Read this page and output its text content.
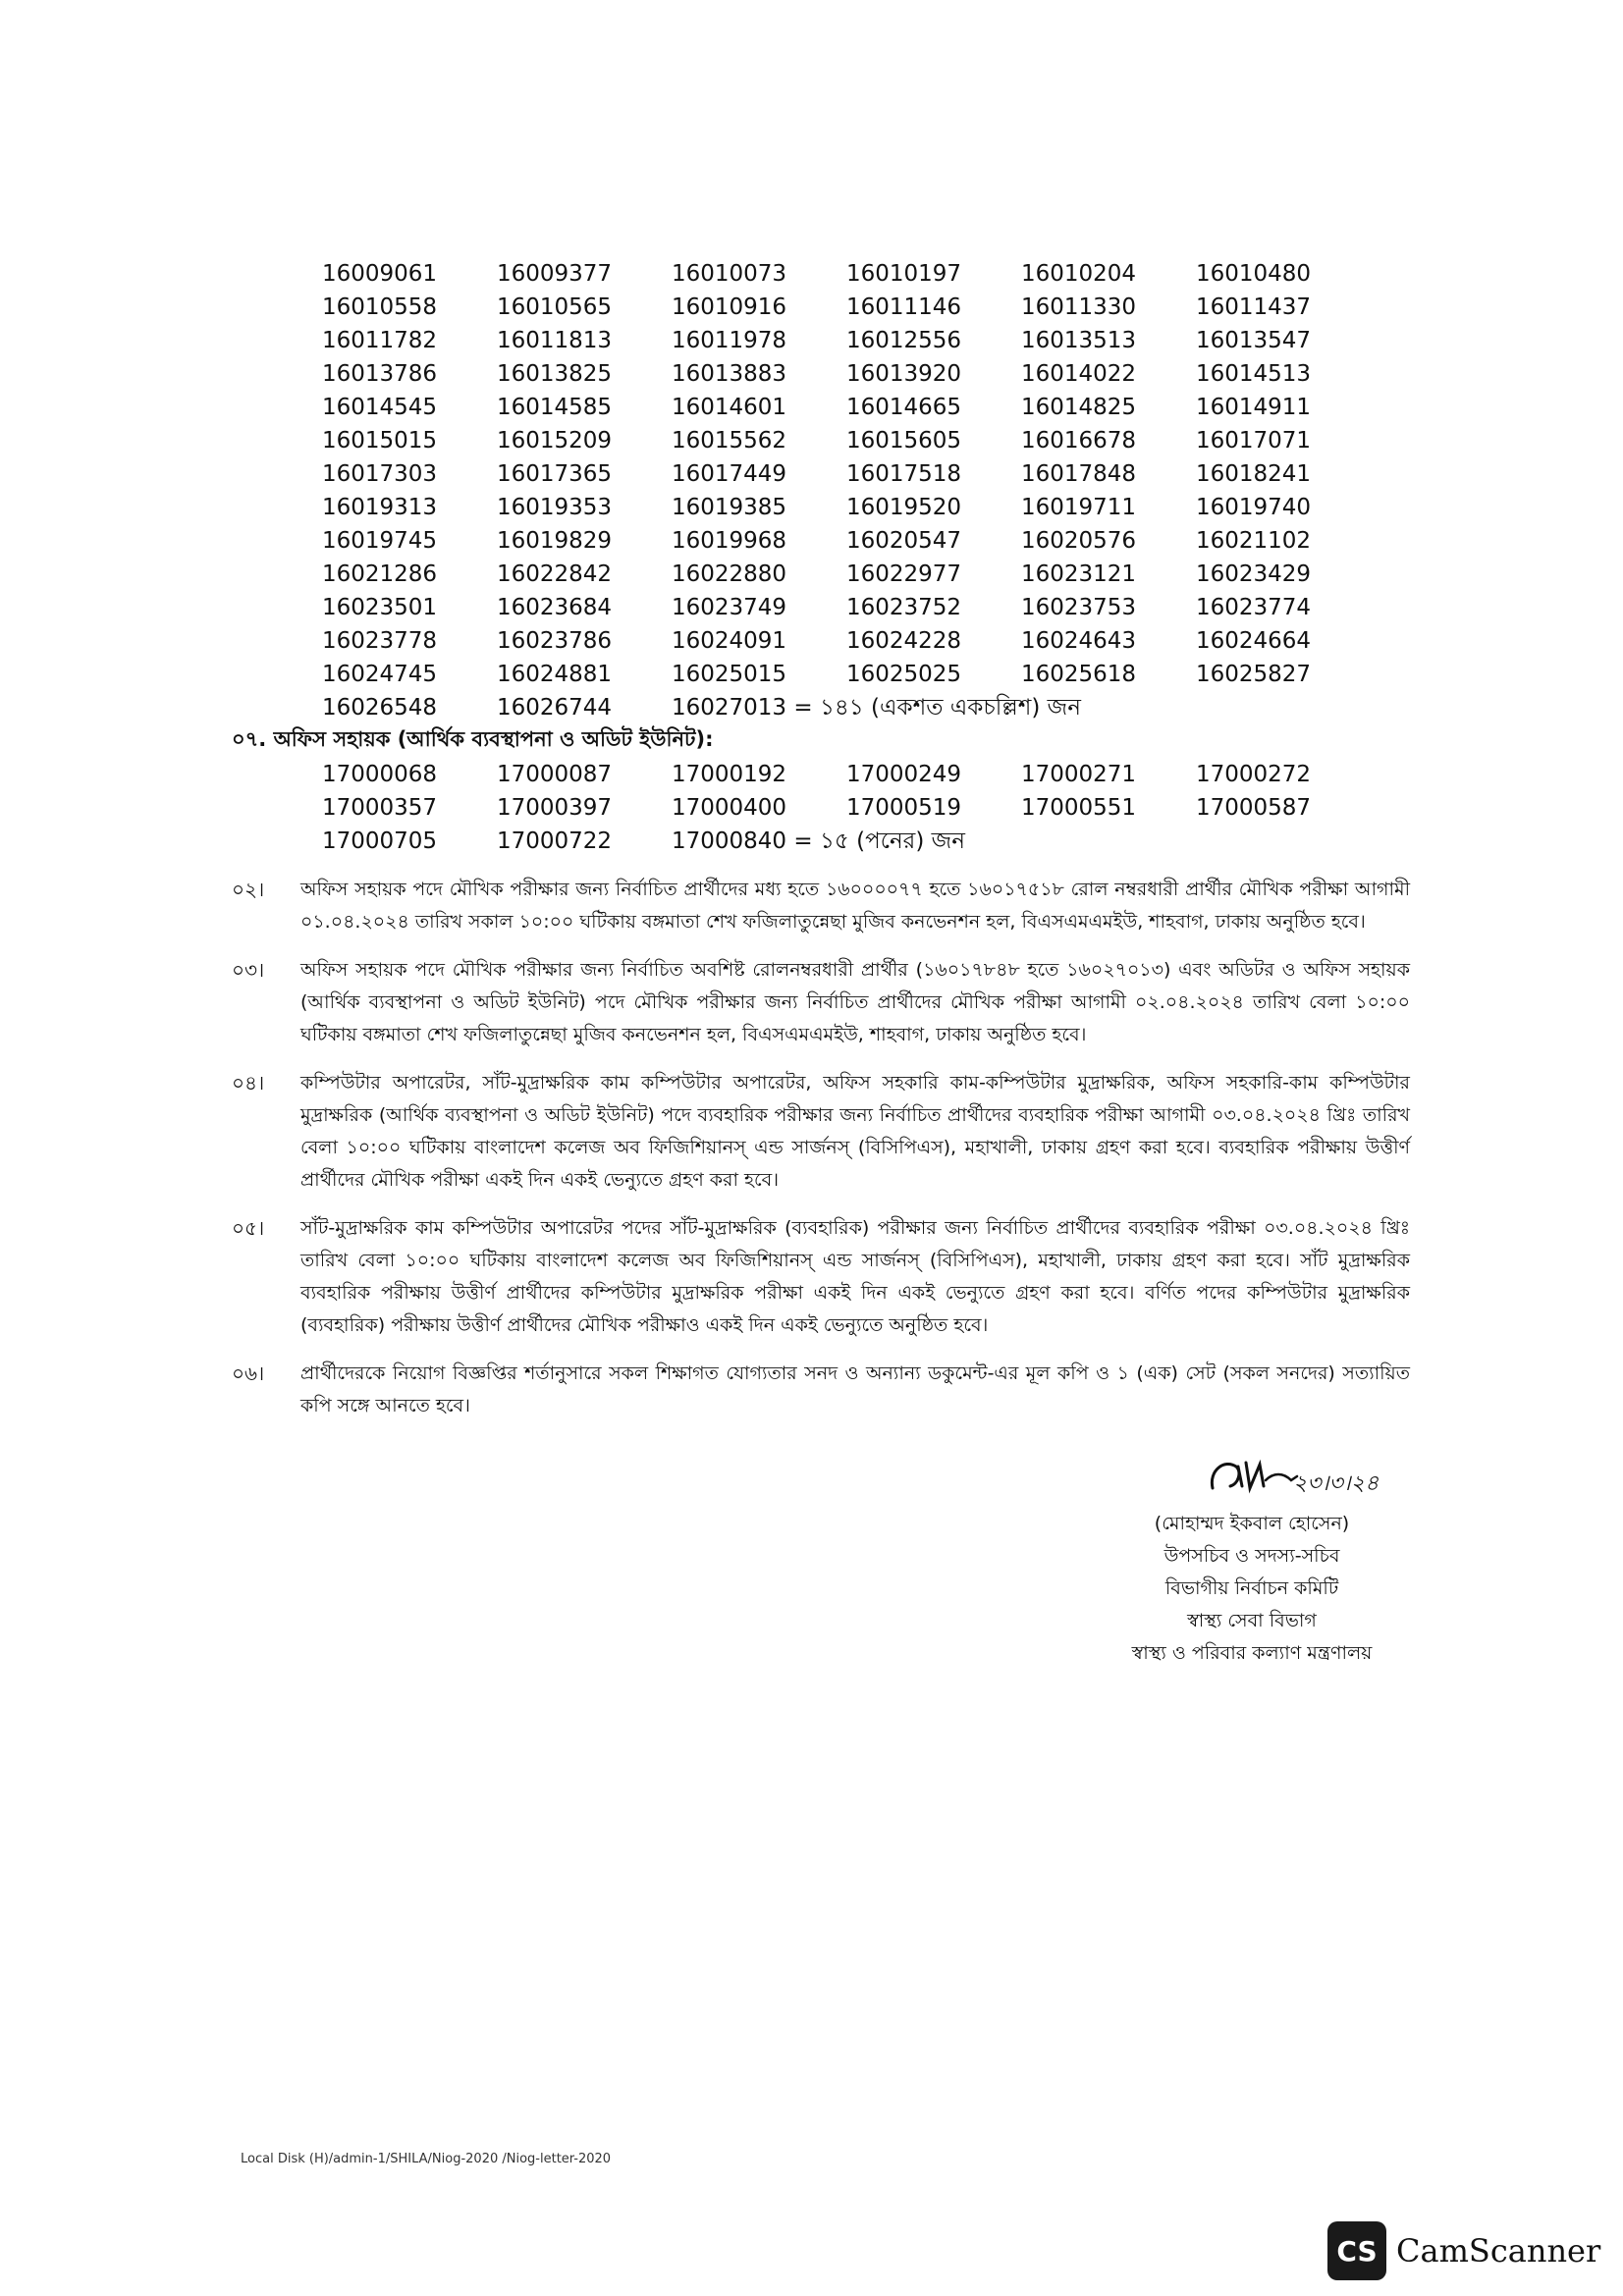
16009061	16009377	16010073	16010197	16010204	16010480
16010558	16010565	16010916	16011146	16011330	16011437
16011782	16011813	16011978	16012556	16013513	16013547
16013786	16013825	16013883	16013920	16014022	16014513
16014545	16014585	16014601	16014665	16014825	16014911
16015015	16015209	16015562	16015605	16016678	16017071
16017303	16017365	16017449	16017518	16017848	16018241
16019313	16019353	16019385	16019520	16019711	16019740
16019745	16019829	16019968	16020547	16020576	16021102
16021286	16022842	16022880	16022977	16023121	16023429
16023501	16023684	16023749	16023752	16023753	16023774
16023778	16023786	16024091	16024228	16024643	16024664
16024745	16024881	16025015	16025025	16025618	16025827
16026548	16026744	16027013 = ১৪১ (একশত একচল্লিশ) জন
০৭. অফিস সহায়ক (আর্থিক ব্যবস্থাপনা ও অডিট ইউনিট):
17000068	17000087	17000192	17000249	17000271	17000272
17000357	17000397	17000400	17000519	17000551	17000587
17000705	17000722	17000840 = ১৫ (পনের) জন
০২।	অফিস সহায়ক পদে মৌখিক পরীক্ষার জন্য নির্বাচিত প্রার্থীদের মধ্য হতে ১৬০০০০৭৭ হতে ১৬০১৭৫১৮ রোল নম্বরধারী প্রার্থীর মৌখিক পরীক্ষা আগামী ০১.০৪.২০২৪ তারিখ সকাল ১০:০০ ঘটিকায় বঙ্গমাতা শেখ ফজিলাতুন্নেছা মুজিব কনভেনশন হল, বিএসএমএমইউ, শাহবাগ, ঢাকায় অনুষ্ঠিত হবে।
০৩।	অফিস সহায়ক পদে মৌখিক পরীক্ষার জন্য নির্বাচিত অবশিষ্ট রোলনম্বরধারী প্রার্থীর (১৬০১৭৮৪৮ হতে ১৬০২৭০১৩) এবং অডিটর ও অফিস সহায়ক (আর্থিক ব্যবস্থাপনা ও অডিট ইউনিট) পদে মৌখিক পরীক্ষার জন্য নির্বাচিত প্রার্থীদের মৌখিক পরীক্ষা আগামী ০২.০৪.২০২৪ তারিখ বেলা ১০:০০ ঘটিকায় বঙ্গমাতা শেখ ফজিলাতুন্নেছা মুজিব কনভেনশন হল, বিএসএমএমইউ, শাহবাগ, ঢাকায় অনুষ্ঠিত হবে।
০৪।	কম্পিউটার অপারেটর, সাঁট-মুদ্রাক্ষরিক কাম কম্পিউটার অপারেটর, অফিস সহকারি কাম-কম্পিউটার মুদ্রাক্ষরিক, অফিস সহকারি-কাম কম্পিউটার মুদ্রাক্ষরিক (আর্থিক ব্যবস্থাপনা ও অডিট ইউনিট) পদে ব্যবহারিক পরীক্ষার জন্য নির্বাচিত প্রার্থীদের ব্যবহারিক পরীক্ষা আগামী ০৩.০৪.২০২৪ খ্রিঃ তারিখ বেলা ১০:০০ ঘটিকায় বাংলাদেশ কলেজ অব ফিজিশিয়ানস্ এন্ড সার্জনস্ (বিসিপিএস), মহাখালী, ঢাকায় গ্রহণ করা হবে। ব্যবহারিক পরীক্ষায় উত্তীর্ণ প্রার্থীদের মৌখিক পরীক্ষা একই দিন একই ভেন্যুতে গ্রহণ করা হবে।
০৫।	সাঁট-মুদ্রাক্ষরিক কাম কম্পিউটার অপারেটর পদের সাঁট-মুদ্রাক্ষরিক (ব্যবহারিক) পরীক্ষার জন্য নির্বাচিত প্রার্থীদের ব্যবহারিক পরীক্ষা ০৩.০৪.২০২৪ খ্রিঃ তারিখ বেলা ১০:০০ ঘটিকায় বাংলাদেশ কলেজ অব ফিজিশিয়ানস্ এন্ড সার্জনস্ (বিসিপিএস), মহাখালী, ঢাকায় গ্রহণ করা হবে। সাঁট মুদ্রাক্ষরিক ব্যবহারিক পরীক্ষায় উত্তীর্ণ প্রার্থীদের কম্পিউটার মুদ্রাক্ষরিক পরীক্ষা একই দিন একই ভেন্যুতে গ্রহণ করা হবে। বর্ণিত পদের কম্পিউটার মুদ্রাক্ষরিক (ব্যবহারিক) পরীক্ষায় উত্তীর্ণ প্রার্থীদের মৌখিক পরীক্ষাও একই দিন একই ভেন্যুতে অনুষ্ঠিত হবে।
০৬।	প্রার্থীদেরকে নিয়োগ বিজ্ঞপ্তির শর্তানুসারে সকল শিক্ষাগত যোগ্যতার সনদ ও অন্যান্য ডকুমেন্ট-এর মূল কপি ও ১ (এক) সেট (সকল সনদের) সত্যায়িত কপি সঙ্গে আনতে হবে।
২৩।৩।২৪
(মোহাম্মদ ইকবাল হোসেন)
উপসচিব ও সদস্য-সচিব
বিভাগীয় নির্বাচন কমিটি
স্বাস্থ্য সেবা বিভাগ
স্বাস্থ্য ও পরিবার কল্যাণ মন্ত্রণালয়
Local Disk (H)/admin-1/SHILA/Niog-2020 /Niog-letter-2020
CS CamScanner
